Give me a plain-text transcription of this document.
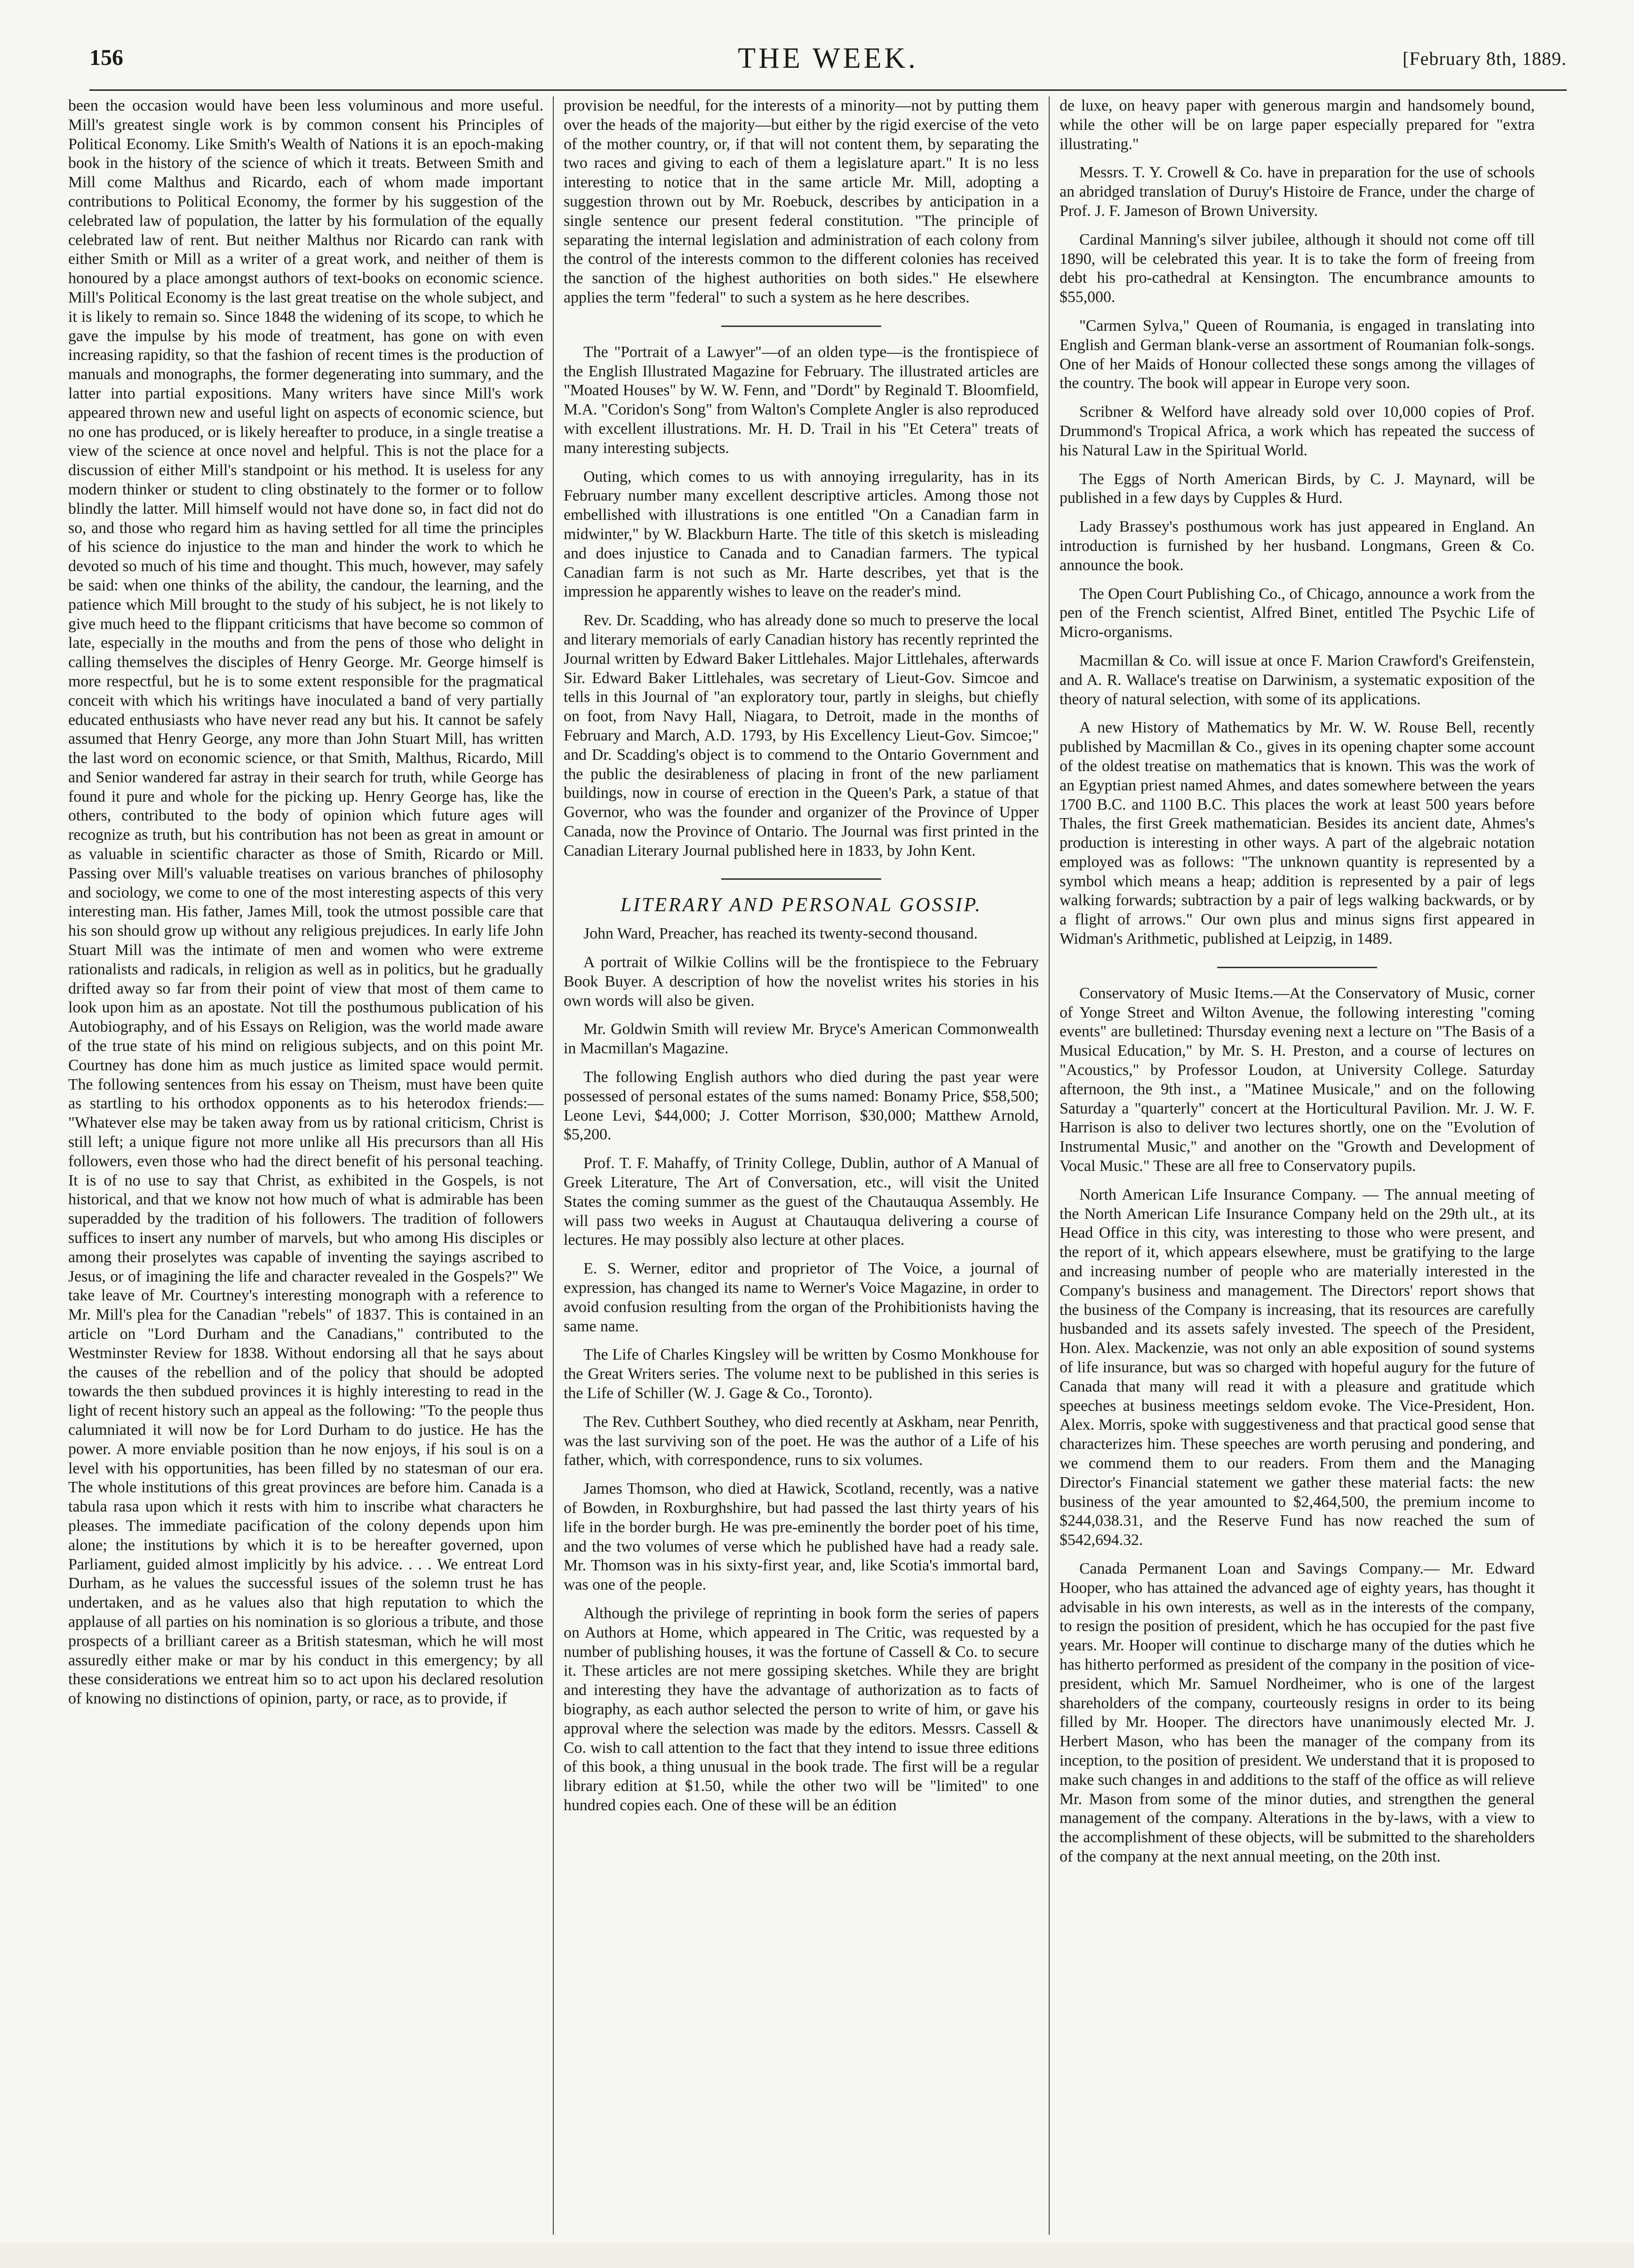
156	THE WEEK.	[February 8th, 1889.

been the occasion would have been less voluminous and more useful. Mill's greatest single work is by common consent his Principles of Political Economy. Like Smith's Wealth of Nations it is an epoch-making book in the history of the science of which it treats. Between Smith and Mill come Malthus and Ricardo, each of whom made important contributions to Political Economy, the former by his suggestion of the celebrated law of population, the latter by his formulation of the equally celebrated law of rent. But neither Malthus nor Ricardo can rank with either Smith or Mill as a writer of a great work, and neither of them is honoured by a place amongst authors of text-books on economic science. Mill's Political Economy is the last great treatise on the whole subject, and it is likely to remain so. Since 1848 the widening of its scope, to which he gave the impulse by his mode of treatment, has gone on with even increasing rapidity, so that the fashion of recent times is the production of manuals and monographs, the former degenerating into summary, and the latter into partial expositions. Many writers have since Mill's work appeared thrown new and useful light on aspects of economic science, but no one has produced, or is likely hereafter to produce, in a single treatise a view of the science at once novel and helpful. This is not the place for a discussion of either Mill's standpoint or his method. It is useless for any modern thinker or student to cling obstinately to the former or to follow blindly the latter. Mill himself would not have done so, in fact did not do so, and those who regard him as having settled for all time the principles of his science do injustice to the man and hinder the work to which he devoted so much of his time and thought. This much, however, may safely be said: when one thinks of the ability, the candour, the learning, and the patience which Mill brought to the study of his subject, he is not likely to give much heed to the flippant criticisms that have become so common of late, especially in the mouths and from the pens of those who delight in calling themselves the disciples of Henry George. Mr. George himself is more respectful, but he is to some extent responsible for the pragmatical conceit with which his writings have inoculated a band of very partially educated enthusiasts who have never read any but his. It cannot be safely assumed that Henry George, any more than John Stuart Mill, has written the last word on economic science, or that Smith, Malthus, Ricardo, Mill and Senior wandered far astray in their search for truth, while George has found it pure and whole for the picking up. Henry George has, like the others, contributed to the body of opinion which future ages will recognize as truth, but his contribution has not been as great in amount or as valuable in scientific character as those of Smith, Ricardo or Mill. Passing over Mill's valuable treatises on various branches of philosophy and sociology, we come to one of the most interesting aspects of this very interesting man. His father, James Mill, took the utmost possible care that his son should grow up without any religious prejudices. In early life John Stuart Mill was the intimate of men and women who were extreme rationalists and radicals, in religion as well as in politics, but he gradually drifted away so far from their point of view that most of them came to look upon him as an apostate. Not till the posthumous publication of his Autobiography, and of his Essays on Religion, was the world made aware of the true state of his mind on religious subjects, and on this point Mr. Courtney has done him as much justice as limited space would permit. The following sentences from his essay on Theism, must have been quite as startling to his orthodox opponents as to his heterodox friends:— "Whatever else may be taken away from us by rational criticism, Christ is still left; a unique figure not more unlike all His precursors than all His followers, even those who had the direct benefit of his personal teaching. It is of no use to say that Christ, as exhibited in the Gospels, is not historical, and that we know not how much of what is admirable has been superadded by the tradition of his followers. The tradition of followers suffices to insert any number of marvels, but who among His disciples or among their proselytes was capable of inventing the sayings ascribed to Jesus, or of imagining the life and character revealed in the Gospels?" We take leave of Mr. Courtney's interesting monograph with a reference to Mr. Mill's plea for the Canadian "rebels" of 1837. This is contained in an article on "Lord Durham and the Canadians," contributed to the Westminster Review for 1838. Without endorsing all that he says about the causes of the rebellion and of the policy that should be adopted towards the then subdued provinces it is highly interesting to read in the light of recent history such an appeal as the following: "To the people thus calumniated it will now be for Lord Durham to do justice. He has the power. A more enviable position than he now enjoys, if his soul is on a level with his opportunities, has been filled by no statesman of our era. The whole institutions of this great provinces are before him. Canada is a tabula rasa upon which it rests with him to inscribe what characters he pleases. The immediate pacification of the colony depends upon him alone; the institutions by which it is to be hereafter governed, upon Parliament, guided almost implicitly by his advice. . . . We entreat Lord Durham, as he values the successful issues of the solemn trust he has undertaken, and as he values also that high reputation to which the applause of all parties on his nomination is so glorious a tribute, and those prospects of a brilliant career as a British statesman, which he will most assuredly either make or mar by his conduct in this emergency; by all these considerations we entreat him so to act upon his declared resolution of knowing no distinctions of opinion, party, or race, as to provide, if

provision be needful, for the interests of a minority—not by putting them over the heads of the majority—but either by the rigid exercise of the veto of the mother country, or, if that will not content them, by separating the two races and giving to each of them a legislature apart." It is no less interesting to notice that in the same article Mr. Mill, adopting a suggestion thrown out by Mr. Roebuck, describes by anticipation in a single sentence our present federal constitution. "The principle of separating the internal legislation and administration of each colony from the control of the interests common to the different colonies has received the sanction of the highest authorities on both sides." He elsewhere applies the term "federal" to such a system as he here describes.

The "Portrait of a Lawyer"—of an olden type—is the frontispiece of the English Illustrated Magazine for February. The illustrated articles are "Moated Houses" by W. W. Fenn, and "Dordt" by Reginald T. Bloomfield, M.A. "Coridon's Song" from Walton's Complete Angler is also reproduced with excellent illustrations. Mr. H. D. Trail in his "Et Cetera" treats of many interesting subjects.

Outing, which comes to us with annoying irregularity, has in its February number many excellent descriptive articles. Among those not embellished with illustrations is one entitled "On a Canadian farm in midwinter," by W. Blackburn Harte. The title of this sketch is misleading and does injustice to Canada and to Canadian farmers. The typical Canadian farm is not such as Mr. Harte describes, yet that is the impression he apparently wishes to leave on the reader's mind.

Rev. Dr. Scadding, who has already done so much to preserve the local and literary memorials of early Canadian history has recently reprinted the Journal written by Edward Baker Littlehales. Major Littlehales, afterwards Sir. Edward Baker Littlehales, was secretary of Lieut-Gov. Simcoe and tells in this Journal of "an exploratory tour, partly in sleighs, but chiefly on foot, from Navy Hall, Niagara, to Detroit, made in the months of February and March, A.D. 1793, by His Excellency Lieut-Gov. Simcoe;" and Dr. Scadding's object is to commend to the Ontario Government and the public the desirableness of placing in front of the new parliament buildings, now in course of erection in the Queen's Park, a statue of that Governor, who was the founder and organizer of the Province of Upper Canada, now the Province of Ontario. The Journal was first printed in the Canadian Literary Journal published here in 1833, by John Kent.

LITERARY AND PERSONAL GOSSIP.

John Ward, Preacher, has reached its twenty-second thousand.

A portrait of Wilkie Collins will be the frontispiece to the February Book Buyer. A description of how the novelist writes his stories in his own words will also be given.

Mr. Goldwin Smith will review Mr. Bryce's American Commonwealth in Macmillan's Magazine.

The following English authors who died during the past year were possessed of personal estates of the sums named: Bonamy Price, $58,500; Leone Levi, $44,000; J. Cotter Morrison, $30,000; Matthew Arnold, $5,200.

Prof. T. F. Mahaffy, of Trinity College, Dublin, author of A Manual of Greek Literature, The Art of Conversation, etc., will visit the United States the coming summer as the guest of the Chautauqua Assembly. He will pass two weeks in August at Chautauqua delivering a course of lectures. He may possibly also lecture at other places.

E. S. Werner, editor and proprietor of The Voice, a journal of expression, has changed its name to Werner's Voice Magazine, in order to avoid confusion resulting from the organ of the Prohibitionists having the same name.

The Life of Charles Kingsley will be written by Cosmo Monkhouse for the Great Writers series. The volume next to be published in this series is the Life of Schiller (W. J. Gage & Co., Toronto).

The Rev. Cuthbert Southey, who died recently at Askham, near Penrith, was the last surviving son of the poet. He was the author of a Life of his father, which, with correspondence, runs to six volumes.

James Thomson, who died at Hawick, Scotland, recently, was a native of Bowden, in Roxburghshire, but had passed the last thirty years of his life in the border burgh. He was pre-eminently the border poet of his time, and the two volumes of verse which he published have had a ready sale. Mr. Thomson was in his sixty-first year, and, like Scotia's immortal bard, was one of the people.

Although the privilege of reprinting in book form the series of papers on Authors at Home, which appeared in The Critic, was requested by a number of publishing houses, it was the fortune of Cassell & Co. to secure it. These articles are not mere gossiping sketches. While they are bright and interesting they have the advantage of authorization as to facts of biography, as each author selected the person to write of him, or gave his approval where the selection was made by the editors. Messrs. Cassell & Co. wish to call attention to the fact that they intend to issue three editions of this book, a thing unusual in the book trade. The first will be a regular library edition at $1.50, while the other two will be "limited" to one hundred copies each. One of these will be an édition

de luxe, on heavy paper with generous margin and handsomely bound, while the other will be on large paper especially prepared for "extra illustrating."

Messrs. T. Y. Crowell & Co. have in preparation for the use of schools an abridged translation of Duruy's Histoire de France, under the charge of Prof. J. F. Jameson of Brown University.

Cardinal Manning's silver jubilee, although it should not come off till 1890, will be celebrated this year. It is to take the form of freeing from debt his pro-cathedral at Kensington. The encumbrance amounts to $55,000.

"Carmen Sylva," Queen of Roumania, is engaged in translating into English and German blank-verse an assortment of Roumanian folk-songs. One of her Maids of Honour collected these songs among the villages of the country. The book will appear in Europe very soon.

Scribner & Welford have already sold over 10,000 copies of Prof. Drummond's Tropical Africa, a work which has repeated the success of his Natural Law in the Spiritual World.

The Eggs of North American Birds, by C. J. Maynard, will be published in a few days by Cupples & Hurd.

Lady Brassey's posthumous work has just appeared in England. An introduction is furnished by her husband. Longmans, Green & Co. announce the book.

The Open Court Publishing Co., of Chicago, announce a work from the pen of the French scientist, Alfred Binet, entitled The Psychic Life of Micro-organisms.

Macmillan & Co. will issue at once F. Marion Crawford's Greifenstein, and A. R. Wallace's treatise on Darwinism, a systematic exposition of the theory of natural selection, with some of its applications.

A new History of Mathematics by Mr. W. W. Rouse Bell, recently published by Macmillan & Co., gives in its opening chapter some account of the oldest treatise on mathematics that is known. This was the work of an Egyptian priest named Ahmes, and dates somewhere between the years 1700 B.C. and 1100 B.C. This places the work at least 500 years before Thales, the first Greek mathematician. Besides its ancient date, Ahmes's production is interesting in other ways. A part of the algebraic notation employed was as follows: "The unknown quantity is represented by a symbol which means a heap; addition is represented by a pair of legs walking forwards; subtraction by a pair of legs walking backwards, or by a flight of arrows." Our own plus and minus signs first appeared in Widman's Arithmetic, published at Leipzig, in 1489.

Conservatory of Music Items.—At the Conservatory of Music, corner of Yonge Street and Wilton Avenue, the following interesting "coming events" are bulletined: Thursday evening next a lecture on "The Basis of a Musical Education," by Mr. S. H. Preston, and a course of lectures on "Acoustics," by Professor Loudon, at University College. Saturday afternoon, the 9th inst., a "Matinee Musicale," and on the following Saturday a "quarterly" concert at the Horticultural Pavilion. Mr. J. W. F. Harrison is also to deliver two lectures shortly, one on the "Evolution of Instrumental Music," and another on the "Growth and Development of Vocal Music." These are all free to Conservatory pupils.

North American Life Insurance Company. — The annual meeting of the North American Life Insurance Company held on the 29th ult., at its Head Office in this city, was interesting to those who were present, and the report of it, which appears elsewhere, must be gratifying to the large and increasing number of people who are materially interested in the Company's business and management. The Directors' report shows that the business of the Company is increasing, that its resources are carefully husbanded and its assets safely invested. The speech of the President, Hon. Alex. Mackenzie, was not only an able exposition of sound systems of life insurance, but was so charged with hopeful augury for the future of Canada that many will read it with a pleasure and gratitude which speeches at business meetings seldom evoke. The Vice-President, Hon. Alex. Morris, spoke with suggestiveness and that practical good sense that characterizes him. These speeches are worth perusing and pondering, and we commend them to our readers. From them and the Managing Director's Financial statement we gather these material facts: the new business of the year amounted to $2,464,500, the premium income to $244,038.31, and the Reserve Fund has now reached the sum of $542,694.32.

Canada Permanent Loan and Savings Company.— Mr. Edward Hooper, who has attained the advanced age of eighty years, has thought it advisable in his own interests, as well as in the interests of the company, to resign the position of president, which he has occupied for the past five years. Mr. Hooper will continue to discharge many of the duties which he has hitherto performed as president of the company in the position of vice-president, which Mr. Samuel Nordheimer, who is one of the largest shareholders of the company, courteously resigns in order to its being filled by Mr. Hooper. The directors have unanimously elected Mr. J. Herbert Mason, who has been the manager of the company from its inception, to the position of president. We understand that it is proposed to make such changes in and additions to the staff of the office as will relieve Mr. Mason from some of the minor duties, and strengthen the general management of the company. Alterations in the by-laws, with a view to the accomplishment of these objects, will be submitted to the shareholders of the company at the next annual meeting, on the 20th inst.
